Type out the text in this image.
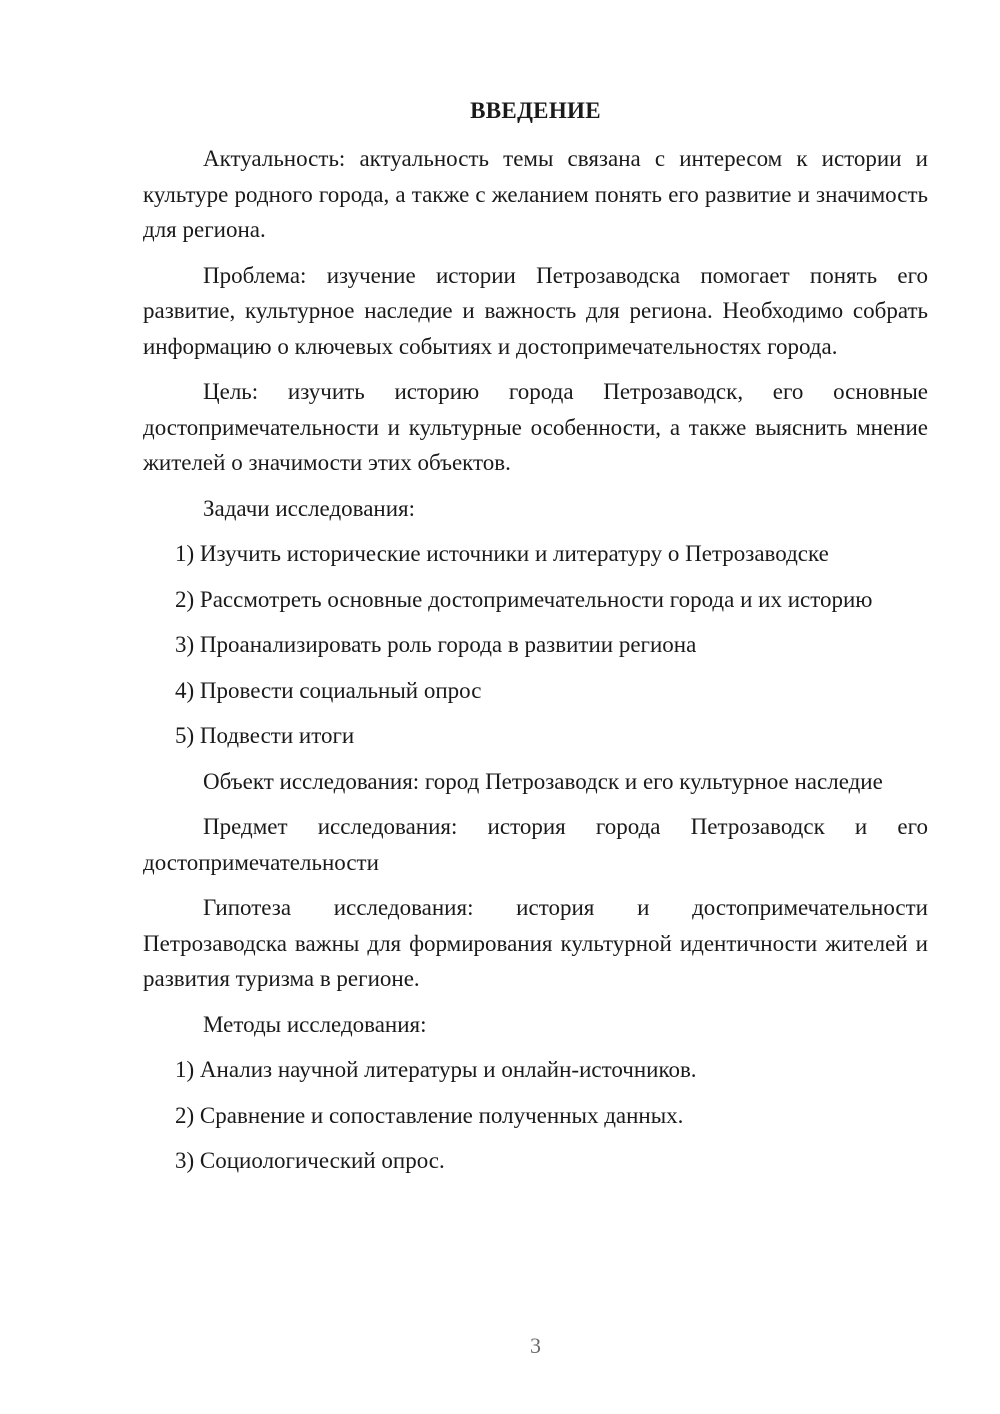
ВВЕДЕНИЕ

Актуальность: актуальность темы связана с интересом к истории и культуре родного города, а также с желанием понять его развитие и значимость для региона.

Проблема: изучение истории Петрозаводска помогает понять его развитие, культурное наследие и важность для региона. Необходимо собрать информацию о ключевых событиях и достопримечательностях города.

Цель: изучить историю города Петрозаводск, его основные достопримечательности и культурные особенности, а также выяснить мнение жителей о значимости этих объектов.

Задачи исследования:

1) Изучить исторические источники и литературу о Петрозаводске

2) Рассмотреть основные достопримечательности города и их историю

3) Проанализировать роль города в развитии региона

4) Провести социальный опрос

5) Подвести итоги

Объект исследования: город Петрозаводск и его культурное наследие

Предмет исследования: история города Петрозаводск и его достопримечательности

Гипотеза исследования: история и достопримечательности Петрозаводска важны для формирования культурной идентичности жителей и развития туризма в регионе.

Методы исследования:

1) Анализ научной литературы и онлайн-источников.

2) Сравнение и сопоставление полученных данных.

3) Социологический опрос.

3
